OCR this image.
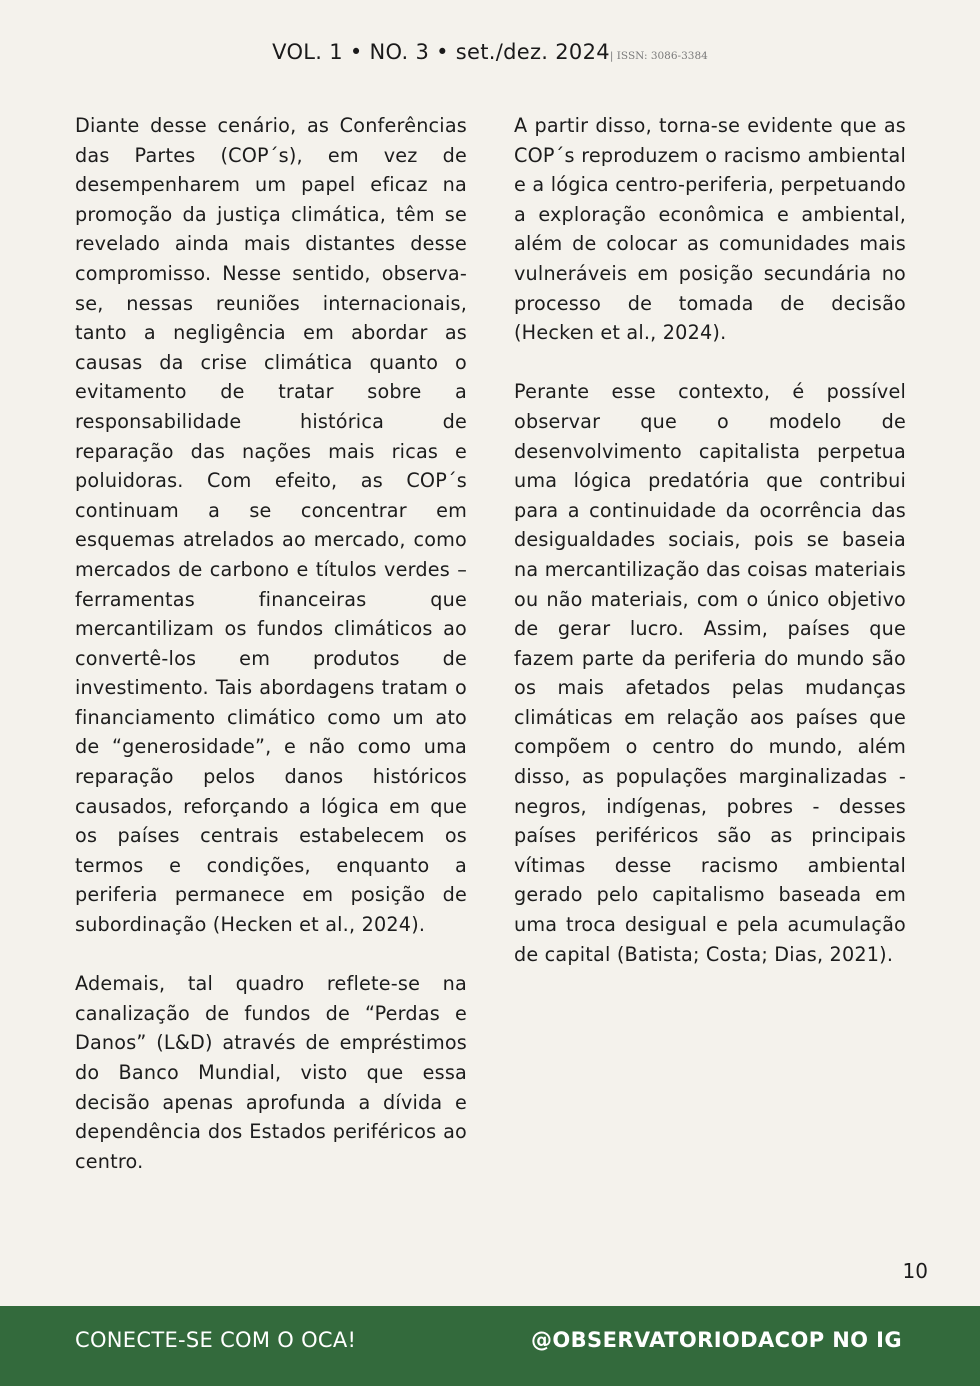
VOL. 1 • NO. 3 • set./dez. 2024| ISSN: 3086-3384

Diante desse cenário, as Conferências das Partes (COP´s), em vez de desempenharem um papel eficaz na promoção da justiça climática, têm se revelado ainda mais distantes desse compromisso. Nesse sentido, observa-se, nessas reuniões internacionais, tanto a negligência em abordar as causas da crise climática quanto o evitamento de tratar sobre a responsabilidade histórica de reparação das nações mais ricas e poluidoras. Com efeito, as COP´s continuam a se concentrar em esquemas atrelados ao mercado, como mercados de carbono e títulos verdes – ferramentas financeiras que mercantilizam os fundos climáticos ao convertê-los em produtos de investimento. Tais abordagens tratam o financiamento climático como um ato de “generosidade”, e não como uma reparação pelos danos históricos causados, reforçando a lógica em que os países centrais estabelecem os termos e condições, enquanto a periferia permanece em posição de subordinação (Hecken et al., 2024).

Ademais, tal quadro reflete-se na canalização de fundos de “Perdas e Danos” (L&D) através de empréstimos do Banco Mundial, visto que essa decisão apenas aprofunda a dívida e dependência dos Estados periféricos ao centro.

A partir disso, torna-se evidente que as COP´s reproduzem o racismo ambiental e a lógica centro-periferia, perpetuando a exploração econômica e ambiental, além de colocar as comunidades mais vulneráveis em posição secundária no processo de tomada de decisão (Hecken et al., 2024).

Perante esse contexto, é possível observar que o modelo de desenvolvimento capitalista perpetua uma lógica predatória que contribui para a continuidade da ocorrência das desigualdades sociais, pois se baseia na mercantilização das coisas materiais ou não materiais, com o único objetivo de gerar lucro. Assim, países que fazem parte da periferia do mundo são os mais afetados pelas mudanças climáticas em relação aos países que compõem o centro do mundo, além disso, as populações marginalizadas - negros, indígenas, pobres - desses países periféricos são as principais vítimas desse racismo ambiental gerado pelo capitalismo baseada em uma troca desigual e pela acumulação de capital (Batista; Costa; Dias, 2021).

10
CONECTE-SE COM O OCA!	@OBSERVATORIODACOP NO IG
